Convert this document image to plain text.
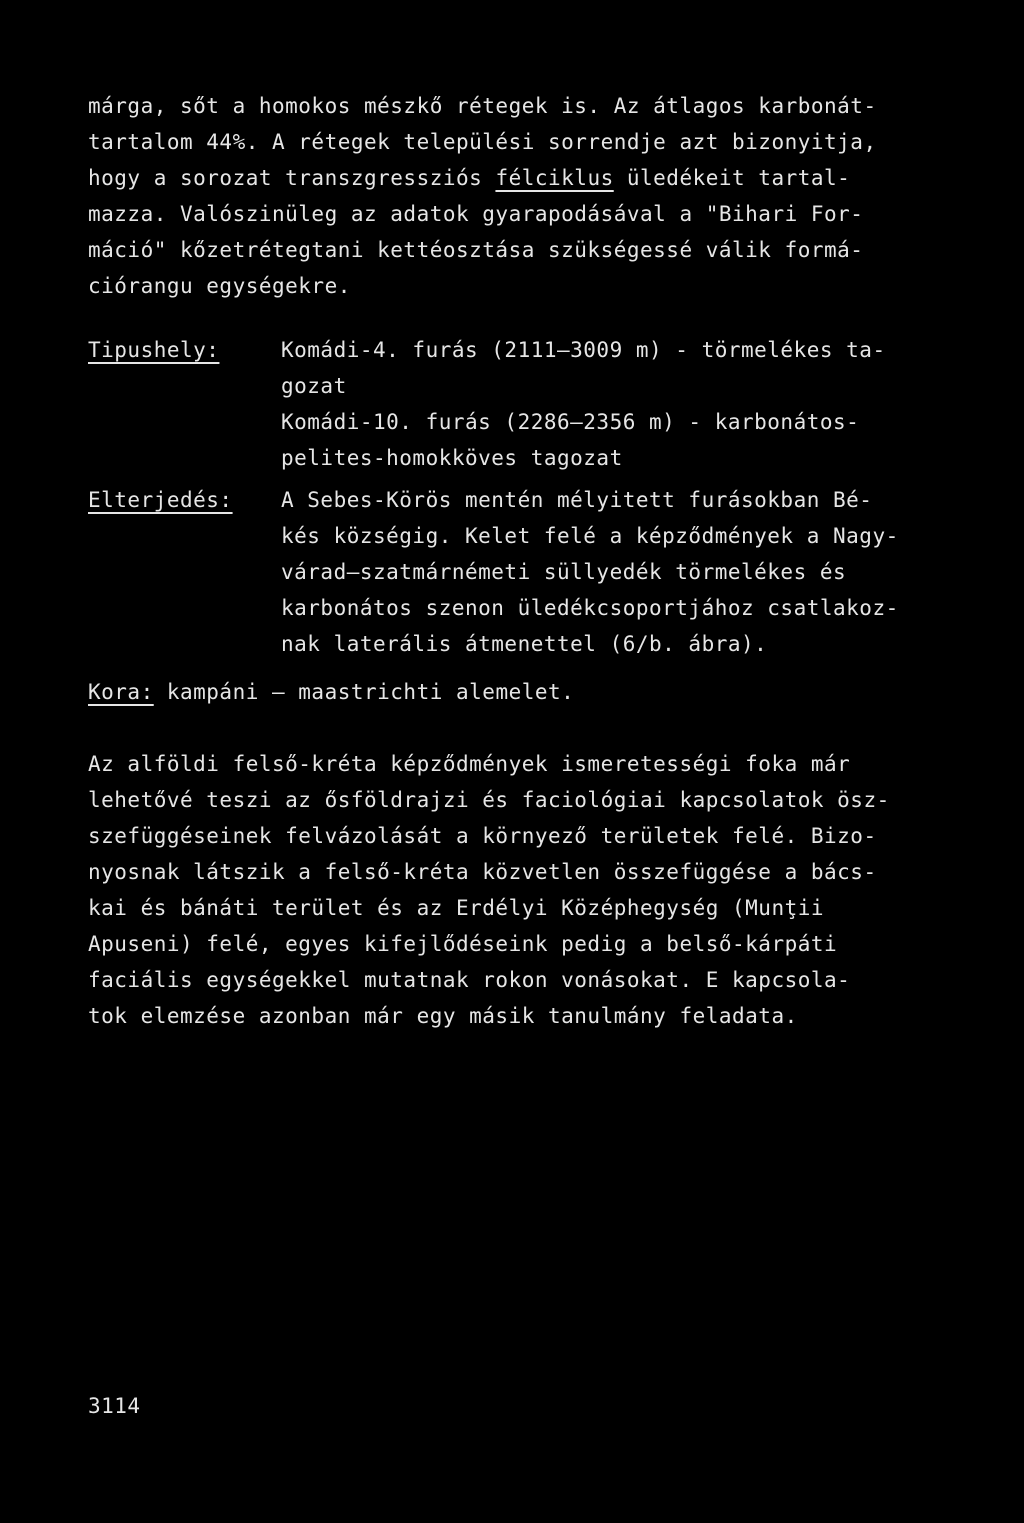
márga, sőt a homokos mészkő rétegek is. Az átlagos karbonát-
tartalom 44%. A rétegek települési sorrendje azt bizonyitja,
hogy a sorozat transzgressziós félciklus üledékeit tartal-
mazza. Valószinüleg az adatok gyarapodásával a "Bihari For-
máció" kőzetrétegtani kettéosztása szükségessé válik formá-
ciórangu egységekre.
Tipushely:	Komádi-4. furás (2111—3009 m) - törmelékes ta-
gozat
Komádi-10. furás (2286—2356 m) - karbonátos-
pelites-homokköves tagozat
Elterjedés:	A Sebes-Körös mentén mélyitett furásokban Bé-
kés községig. Kelet felé a képződmények a Nagy-
várad—szatmárnémeti süllyedék törmelékes és
karbonátos szenon üledékcsoportjához csatlakoz-
nak laterális átmenettel (6/b. ábra).
Kora: kampáni — maastrichti alemelet.
Az alföldi felső-kréta képződmények ismeretességi foka már
lehetővé teszi az ősföldrajzi és faciológiai kapcsolatok ösz-
szefüggéseinek felvázolását a környező területek felé. Bizo-
nyosnak látszik a felső-kréta közvetlen összefüggése a bács-
kai és bánáti terület és az Erdélyi Középhegység (Munţii
Apuseni) felé, egyes kifejlődéseink pedig a belső-kárpáti
faciális egységekkel mutatnak rokon vonásokat. E kapcsola-
tok elemzése azonban már egy másik tanulmány feladata.
3114
